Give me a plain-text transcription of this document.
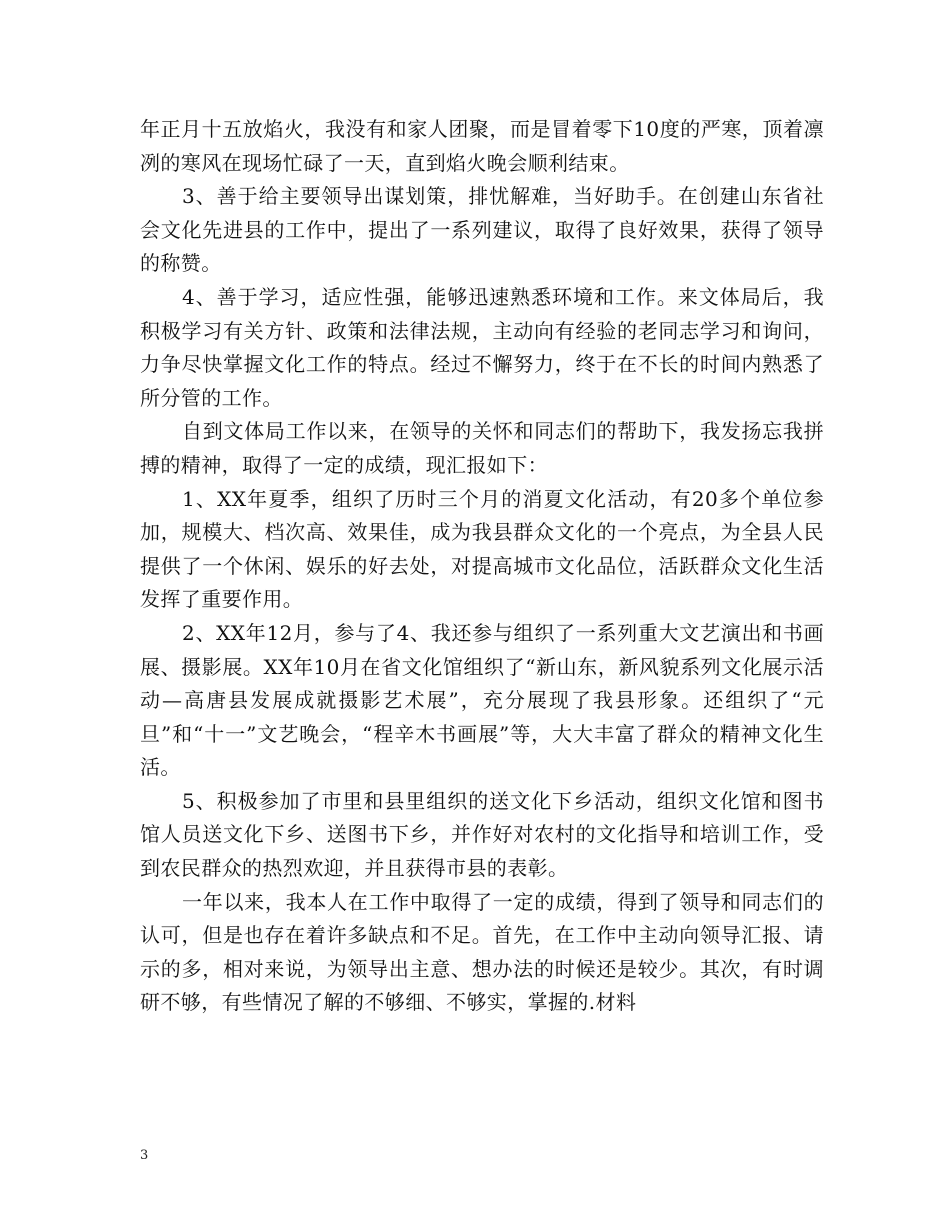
年正月十五放焰火，我没有和家人团聚，而是冒着零下10度的严寒，顶着凛冽的寒风在现场忙碌了一天，直到焰火晚会顺利结束。

3、善于给主要领导出谋划策，排忧解难，当好助手。在创建山东省社会文化先进县的工作中，提出了一系列建议，取得了良好效果，获得了领导的称赞。

4、善于学习，适应性强，能够迅速熟悉环境和工作。来文体局后，我积极学习有关方针、政策和法律法规，主动向有经验的老同志学习和询问，力争尽快掌握文化工作的特点。经过不懈努力，终于在不长的时间内熟悉了所分管的工作。

自到文体局工作以来，在领导的关怀和同志们的帮助下，我发扬忘我拼搏的精神，取得了一定的成绩，现汇报如下：

1、XX年夏季，组织了历时三个月的消夏文化活动，有20多个单位参加，规模大、档次高、效果佳，成为我县群众文化的一个亮点，为全县人民提供了一个休闲、娱乐的好去处，对提高城市文化品位，活跃群众文化生活发挥了重要作用。

2、XX年12月，参与了4、我还参与组织了一系列重大文艺演出和书画展、摄影展。XX年10月在省文化馆组织了“新山东，新风貌系列文化展示活动—高唐县发展成就摄影艺术展”，充分展现了我县形象。还组织了“元旦”和“十一”文艺晚会，“程辛木书画展”等，大大丰富了群众的精神文化生活。

5、积极参加了市里和县里组织的送文化下乡活动，组织文化馆和图书馆人员送文化下乡、送图书下乡，并作好对农村的文化指导和培训工作，受到农民群众的热烈欢迎，并且获得市县的表彰。

一年以来，我本人在工作中取得了一定的成绩，得到了领导和同志们的认可，但是也存在着许多缺点和不足。首先，在工作中主动向领导汇报、请示的多，相对来说，为领导出主意、想办法的时候还是较少。其次，有时调研不够，有些情况了解的不够细、不够实，掌握的.材料

3
